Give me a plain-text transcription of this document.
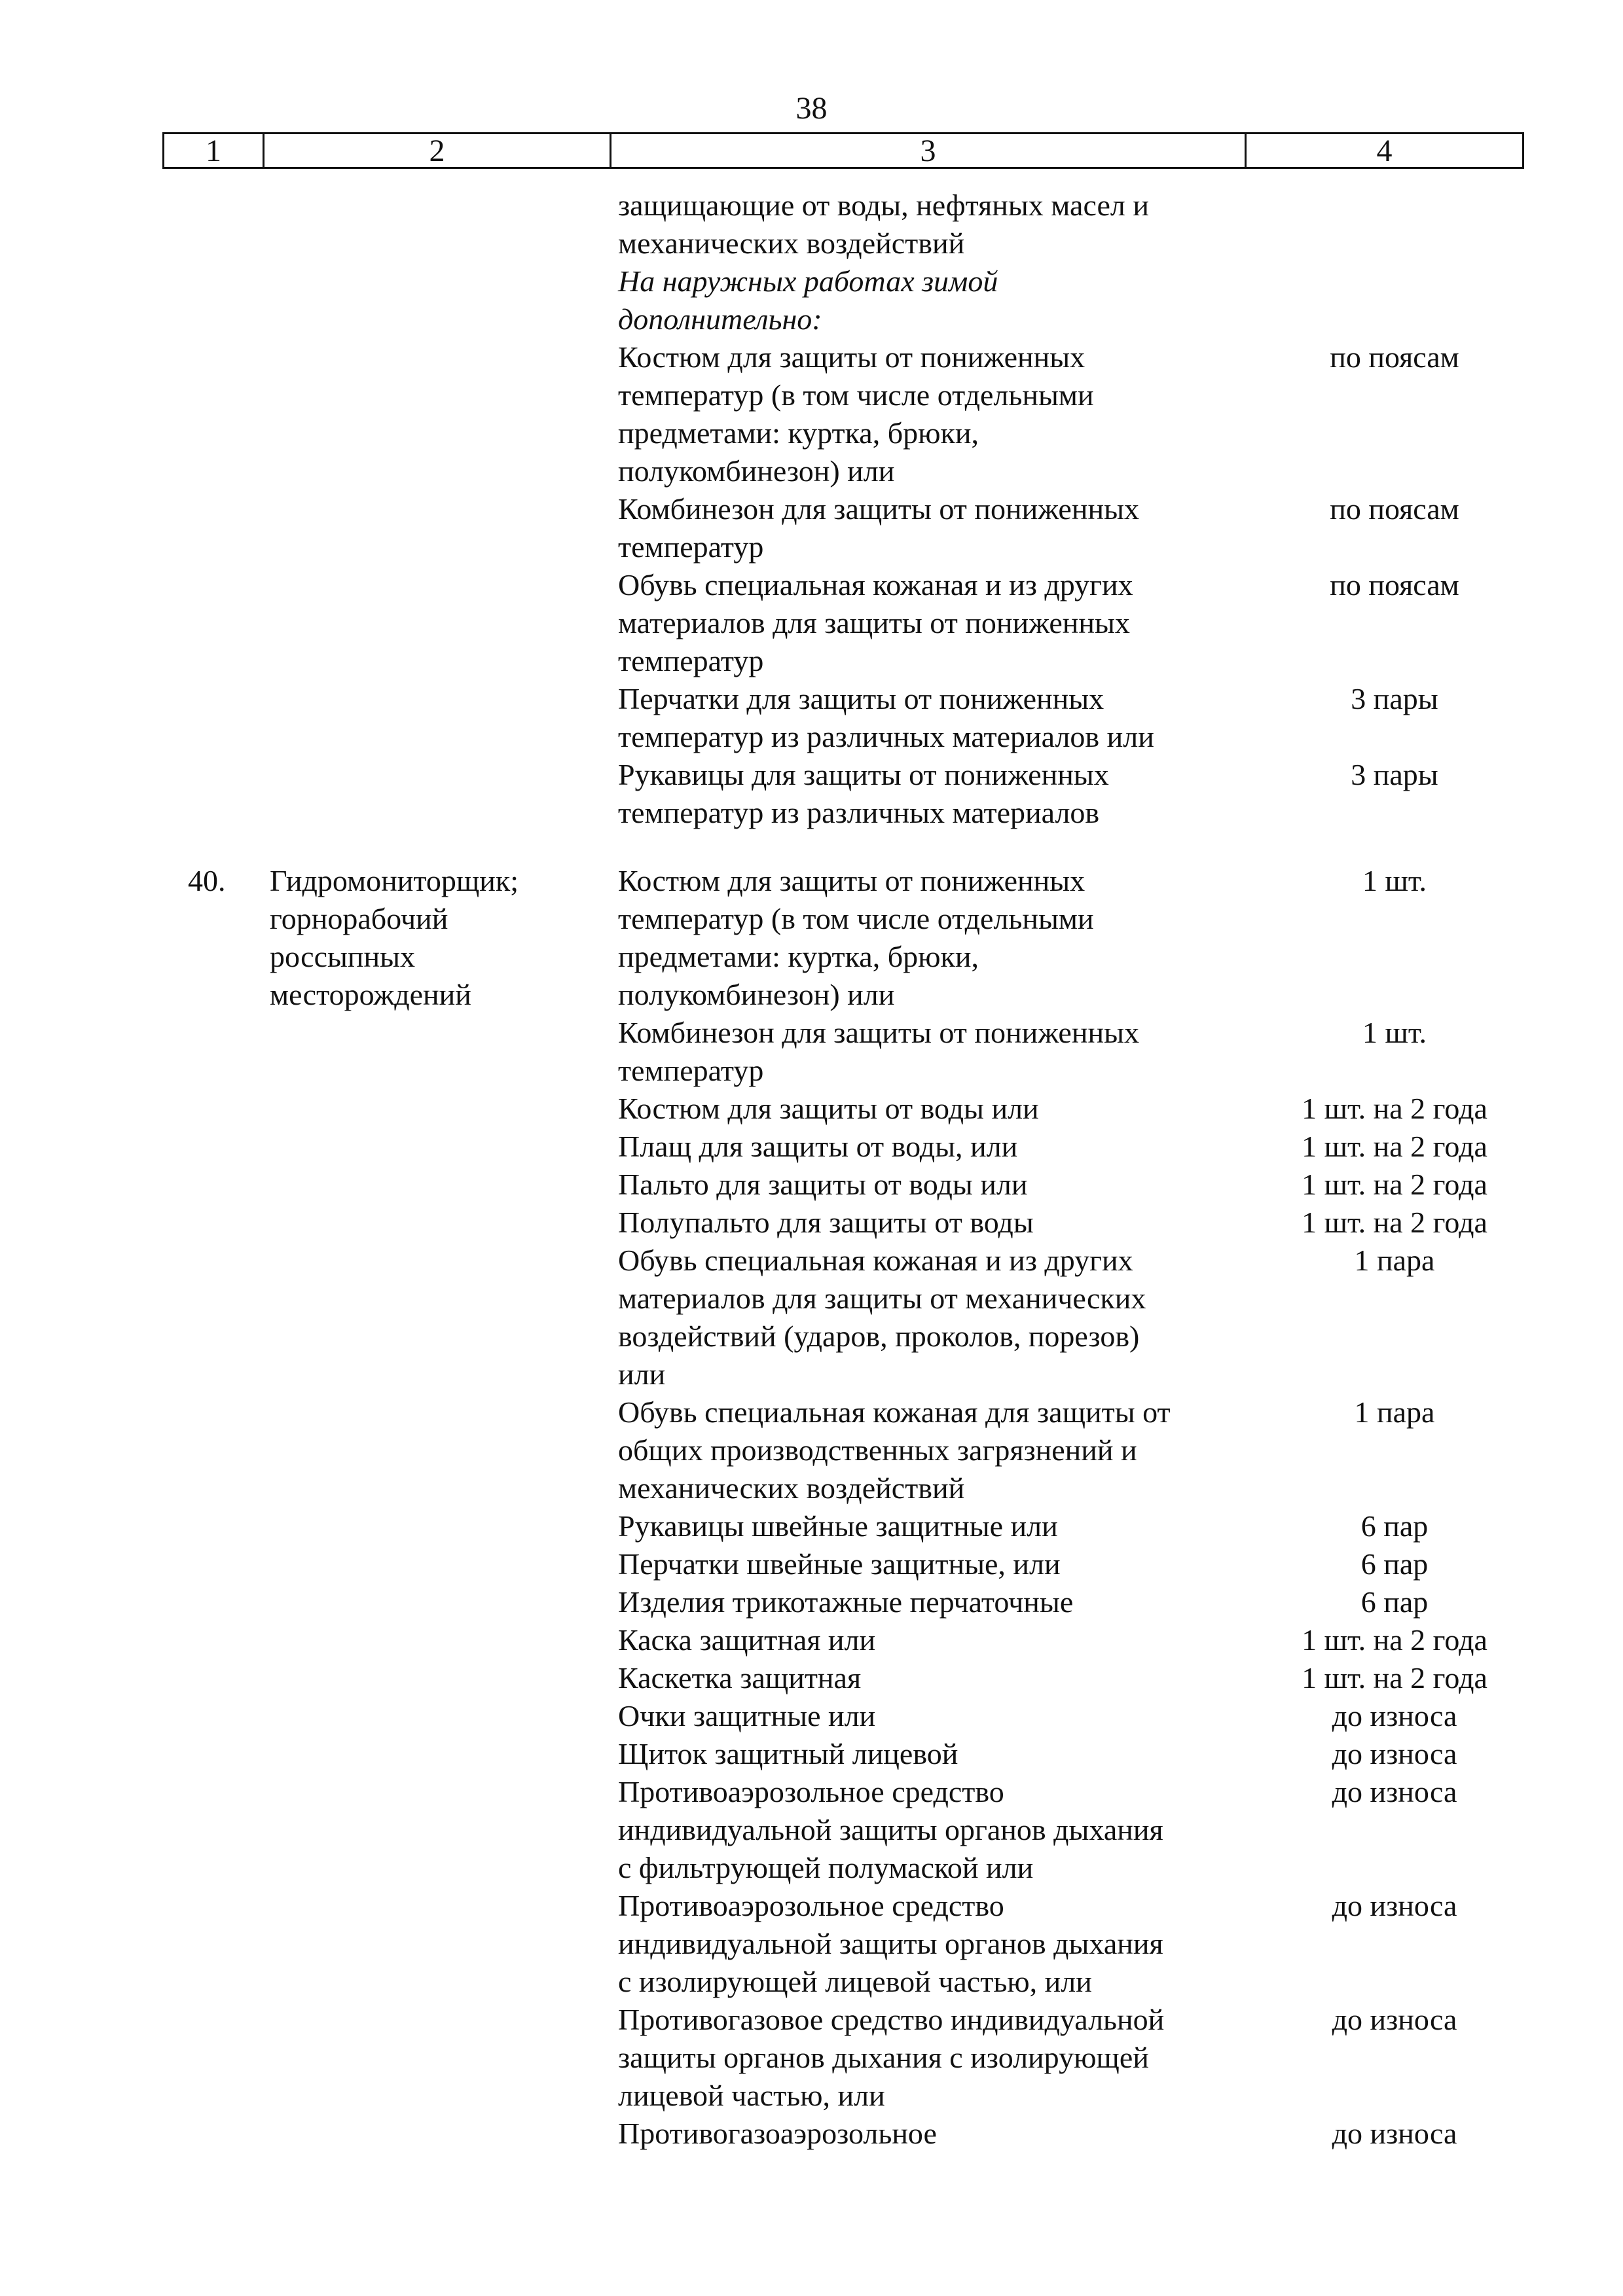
38
1	2	3	4
защищающие от воды, нефтяных масел и
механических воздействий
На наружных работах зимой
дополнительно:
Костюм для защиты от пониженных	по поясам
температур (в том числе отдельными
предметами: куртка, брюки,
полукомбинезон) или
Комбинезон для защиты от пониженных	по поясам
температур
Обувь специальная кожаная и из других	по поясам
материалов для защиты от пониженных
температур
Перчатки для защиты от пониженных	3 пары
температур из различных материалов или
Рукавицы для защиты от пониженных	3 пары
температур из различных материалов
40. Гидромониторщик;	Костюм для защиты от пониженных	1 шт.
горнорабочий	температур (в том числе отдельными
россыпных	предметами: куртка, брюки,
месторождений	полукомбинезон) или
Комбинезон для защиты от пониженных	1 шт.
температур
Костюм для защиты от воды или	1 шт. на 2 года
Плащ для защиты от воды, или	1 шт. на 2 года
Пальто для защиты от воды или	1 шт. на 2 года
Полупальто для защиты от воды	1 шт. на 2 года
Обувь специальная кожаная и из других	1 пара
материалов для защиты от механических
воздействий (ударов, проколов, порезов)
или
Обувь специальная кожаная для защиты от	1 пара
общих производственных загрязнений и
механических воздействий
Рукавицы швейные защитные или	6 пар
Перчатки швейные защитные, или	6 пар
Изделия трикотажные перчаточные	6 пар
Каска защитная или	1 шт. на 2 года
Каскетка защитная	1 шт. на 2 года
Очки защитные или	до износа
Щиток защитный лицевой	до износа
Противоаэрозольное средство	до износа
индивидуальной защиты органов дыхания
с фильтрующей полумаской или
Противоаэрозольное средство	до износа
индивидуальной защиты органов дыхания
с изолирующей лицевой частью, или
Противогазовое средство индивидуальной	до износа
защиты органов дыхания с изолирующей
лицевой частью, или
Противогазоаэрозольное	до износа
